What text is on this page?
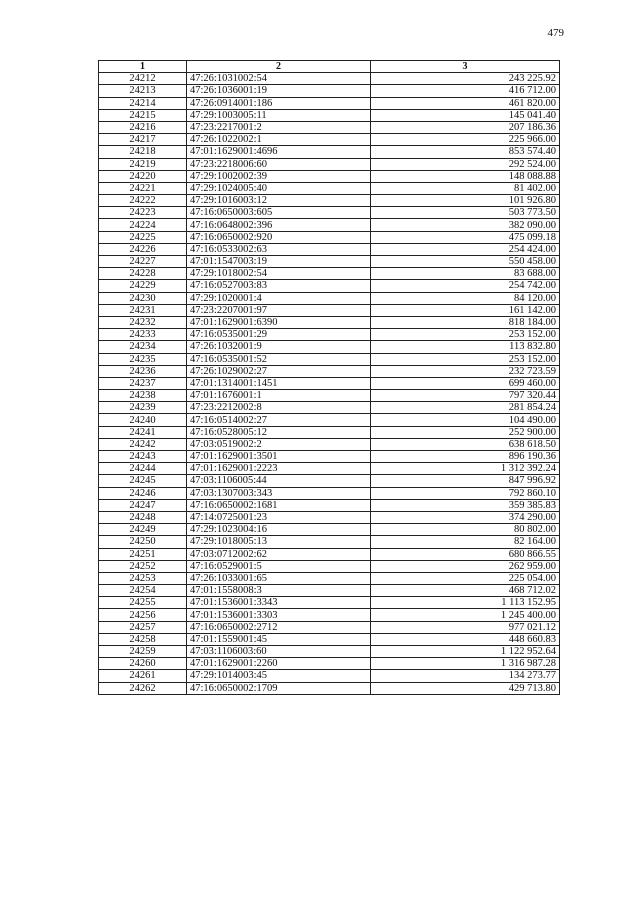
479
1	2	3
24212	47:26:1031002:54	243 225.92
24213	47:26:1036001:19	416 712.00
24214	47:26:0914001:186	461 820.00
24215	47:29:1003005:11	145 041.40
24216	47:23:2217001:2	207 186.36
24217	47:26:1022002:1	225 966.00
24218	47:01:1629001:4696	853 574.40
24219	47:23:2218006:60	292 524.00
24220	47:29:1002002:39	148 088.88
24221	47:29:1024005:40	81 402.00
24222	47:29:1016003:12	101 926.80
24223	47:16:0650003:605	503 773.50
24224	47:16:0648002:396	382 090.00
24225	47:16:0650002:920	475 099.18
24226	47:16:0533002:63	254 424.00
24227	47:01:1547003:19	550 458.00
24228	47:29:1018002:54	83 688.00
24229	47:16:0527003:83	254 742.00
24230	47:29:1020001:4	84 120.00
24231	47:23:2207001:97	161 142.00
24232	47:01:1629001:6390	818 184.00
24233	47:16:0535001:29	253 152.00
24234	47:26:1032001:9	113 832.80
24235	47:16:0535001:52	253 152.00
24236	47:26:1029002:27	232 723.59
24237	47:01:1314001:1451	699 460.00
24238	47:01:1676001:1	797 320.44
24239	47:23:2212002:8	281 854.24
24240	47:16:0514002:27	104 490.00
24241	47:16:0528005:12	252 900.00
24242	47:03:0519002:2	638 618.50
24243	47:01:1629001:3501	896 190.36
24244	47:01:1629001:2223	1 312 392.24
24245	47:03:1106005:44	847 996.92
24246	47:03:1307003:343	792 860.10
24247	47:16:0650002:1681	359 385.83
24248	47:14:0725001:23	374 290.00
24249	47:29:1023004:16	80 802.00
24250	47:29:1018005:13	82 164.00
24251	47:03:0712002:62	680 866.55
24252	47:16:0529001:5	262 959.00
24253	47:26:1033001:65	225 054.00
24254	47:01:1558008:3	468 712.02
24255	47:01:1536001:3343	1 113 152.95
24256	47:01:1536001:3303	1 245 400.00
24257	47:16:0650002:2712	977 021.12
24258	47:01:1559001:45	448 660.83
24259	47:03:1106003:60	1 122 952.64
24260	47:01:1629001:2260	1 316 987.28
24261	47:29:1014003:45	134 273.77
24262	47:16:0650002:1709	429 713.80
